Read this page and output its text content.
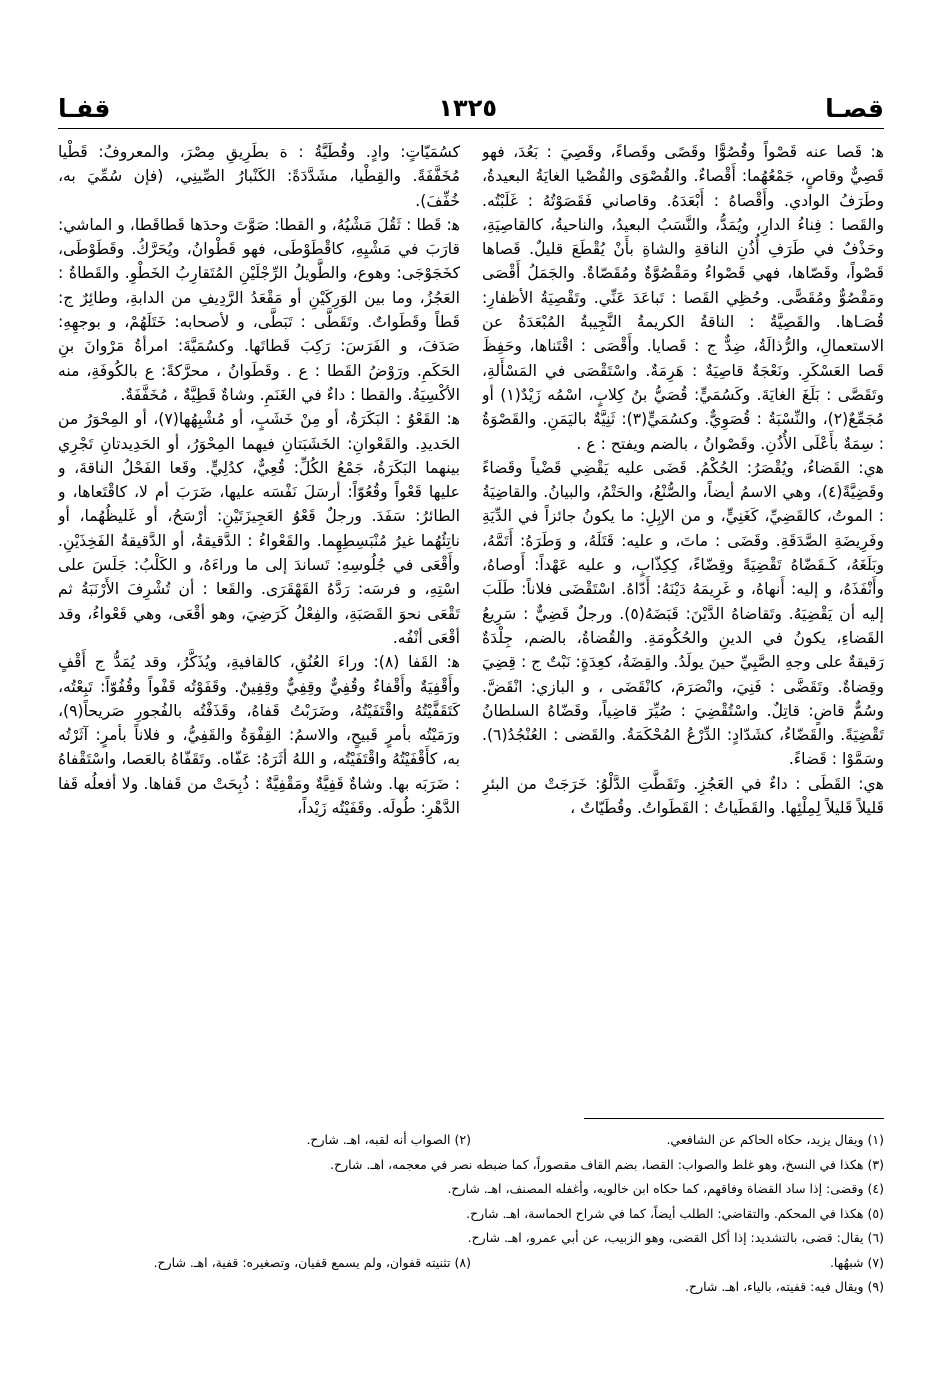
قصـا
١٣٢٥
قفـا

ﻫ: قَصا عنه قَصْواً وقُصُوًّا وقَصًى وقَصاءً، وقَصِيَ : بَعُدَ، فهو قَصِيٌّ وقاصٍ، جَمْعُهُما: أَقْصاءٌ. والقُصْوَى والقُصْيا الغايَةُ البعيدةُ، وطَرَفُ الوادي. وأَقْصاهُ : أَبْعَدَهُ. وقاصاني فَقَصَوْتُهُ : غَلَبْتُه. والقَصا : فِناءُ الدارِ، ويُمَدُّ، والنَّسَبُ البعيدُ، والناحيةُ، كالقاصِيَةِ، وحَذْفٌ في طَرَفِ أُذُنِ الناقةِ والشاةِ بأَنْ يُقْطَعَ قليلٌ. قَصاها قَصْواً، وقَصّاها، فهي قَصْواءُ ومَقْصُوَّةٌ ومُقَصّاةٌ. والجَمَلُ أَقْصَى ومَقْصُوٌّ ومُقَصًّى. وحُظِي القَصا : تَباعَدَ عَنِّي. وتَقْصِيَةُ الأظفارِ: قُصَـاها. والقَصِيَّةُ : الناقةُ الكريمةُ النَّجِيبةُ المُبْعَدَةُ عن الاستعمالِ، والرُّذالَةُ، ضِدٌّ ج : قَصايا. وأَقْصَى : اقْتَناها، وحَفِظَ قَصا العَسْكَرِ. ونَعْجَةٌ قاصِيَةٌ : هَرِمَةٌ. واسْتَقْصَى في المَسْأَلةِ، وتَقَصَّى : بَلَغَ الغايَةَ. وكَسُمَيٍّ: قُصَيُّ بنُ كِلابٍ، اسْمُه زَيْدٌ(١) أو مُجَمِّعٌ(٢)، والنِّسْبَةُ : قُصَوِيٌّ. وكسُمَيٍّ(٣): ثَنِيَّةٌ باليَمَنِ. والقَصْوَةُ : سِمَةٌ بأَعْلَى الأُذُنِ. وقَصْوانُ ، بالضم ويفتح : ع .

ﻫي: القَضاءُ، ويُقْصَرُ: الحُكْمُ. قَضَى عليه يَقْضِي قَضْياً وقَضاءً وقَضِيَّةً(٤)، وهي الاسمُ أيضاً، والصُّنْعُ، والحَتْمُ، والبيانُ. والقاضِيَةُ : الموتُ، كالقَضِيِّ، كَغَنِيٍّ، و من الإبِلِ: ما يكونُ جائزاً في الدِّيَةِ وفَرِيضَةِ الصَّدَقَةِ. وقَضَى : ماتَ، و عليه: قَتَلَهُ، و وَطَرَهُ: أَتَمَّهُ، وبَلَغَهُ، كَـقَضّاهُ تَقْضِيَةً وقِضّاءً، كِكِذّابٍ، و عليه عَهْداً: أَوصاهُ، وأَنْفَذَهُ، و إليه: أَنهاهُ، و غَرِيمَهُ دَيْنَهُ: أَدّاهُ. اسْتَقْضَى فلاناً: طَلَبَ إليه أن يَقْضِيَهُ. وتَقاضاهُ الدَّيْنَ: قَبَضَهُ(٥). ورجلٌ قَضِيٌّ : سَرِيعُ القَضاءِ، يكونُ في الدينِ والحُكُومَةِ. والقُضاةُ، بالضم، جِلْدَةٌ رَقيقةٌ على وجهِ الصَّبِيِّ حينَ يولَدُ. والقِضَةُ، كعِدَةٍ: نَبْتٌ ج : قِضِيَ وقِضاةٌ. وتَقَضَّى : فَنِيَ، وانْصَرَمَ، كانْقَضَى ، و البازي: انْقَضَّ. وسُمٌّ قاضٍ: قاتِلٌ. واسْتُقْضِيَ : صُيِّرَ قاضِياً، وقَضّاهُ السلطانُ تَقْضِيَةً. والقَضّاءُ، كشَدّادٍ: الدِّرْعُ المُحْكَمَةُ. والقَضى : العُنْجُدُ(٦). وسَمَّوْا : قَضاءً.

ﻫي: القَطَى : داءٌ في العَجُزِ. وتَقَطَّتِ الدَّلْوُ: خَرَجَتْ من البئرِ قَليلاً قَليلاً لِمِلْئِها. والقَطَياتُ : القَطَواتُ. وقُطَيّاتٌ ،

كسُمَيّاتٍ: وادٍ. وقُطَيَّةُ : ة بطَرِيقِ مِصْرَ، والمعروفُ: قَطْيا مُخَفَّفَةً. والقِطْيا، مشَدَّدَةً: الكَنْبارُ الصِّينِي، (فإن سُمِّيَ به، خُفِّفَ).

ﻫ: قَطا : ثَقُلَ مَشْيُهُ، و القطا: صَوَّتَ وحدَها قَطاقَطا، و الماشي: قارَبَ في مَشْيِهِ، كاقْطَوْطَى، فهو قَطْوانُ، ويُحَرَّكُ. وقَطَوْطَى، كخَجَوْجَى: وهوع، والطَّويلُ الرِّجْلَيْنِ المُتَقارِبُ الخَطْوِ. والقَطاةُ : العَجُزُ، وما بين الوَرِكَيْنِ أو مَقْعَدُ الرَّدِيفِ من الدابةِ، وطائِرٌ ج: قَطاً وقَطَواتٌ. وتَقَطَّى : تَبَطَّى، و لأصحابه: خَتَلَهُمْ، و بوجهِهِ: صَدَفَ، و الفَرَسَ: رَكِبَ قَطاتَها. وكسُمَيَّةَ: امرأةُ مَرْوانَ بنِ الحَكَمِ. ورَوْضُ القَطا : ع . وقَطَوانُ ، محرَّكةً: ع بالكُوفَةِ، منه الأكْسِيَةُ. والقطا : داءٌ في الغَنَمِ. وشاةٌ قَطِيَّةٌ ، مُخَفَّفَةٌ.

ﻫ: القَعْوُ : البَكَرَةُ، أو مِنْ خَشَبٍ، أو مُشْبِهُها(٧)، أو المِحْوَرُ من الحَديدِ. والقَعْوانِ: الخَشَبَتانِ فيهما المِحْوَرُ، أو الحَدِيدتانِ تَجْرِي بينهما البَكَرَةُ، جَمْعُ الكُلِّ: قُعِيٌّ، كدُلِيٍّ. وقَعا الفَحْلُ الناقةَ، و عليها قَعْواً وقُعُوّاً: أرسَلَ نَفْسَه عليها، ضَرَبَ أم لا، كاقْتَعاها، و الطائرُ: سَفَدَ. ورجلٌ قَعْوُ العَجِيزَتَيْنِ: أرْسَحُ، أو غَليظُهُما، أو ناتِئُهُما غيرُ مُنْبَسِطِهِما. والقَعْواءُ : الدَّقيقةُ، أو الدَّقيقةُ الفَخِذَيْنِ. وأَقْعَى في جُلُوسِهِ: تَساندَ إلى ما وراءَهُ، و الكَلْبُ: جَلَسَ على اسْتِهِ، و فرسَه: رَدَّهُ القَهْقَرَى. والقَعا : أن تُشْرِفَ الأَرْنَبَةُ ثم تَقْعَى نحوَ القَصَبَةِ، والفِعْلُ كَرَضِيَ، وهو أقْعَى، وهي قَعْواءُ، وقد أقْعَى أنْفُه.

ﻫ: القَفا (٨): وراءَ العُنُقِ، كالقافيةِ، ويُذَكَّرُ، وقد يُمَدُّ ج أَقْفٍ وأَقْفِيَةٌ وأَقْفاءٌ وقُفِيٌّ وقِفِيٌّ وقِفِينٌ. وقَفَوْتُه قَفْواً وقُفُوّاً: تَبِعْتُه، كَتَقَفَّيْتُهُ واقْتَفَيْتُهُ، وضَرَبْتُ قَفاهُ، وقَذَفْتُه بالفُجورِ صَريحاً(٩)، ورَمَيْتُه بأمرٍ قَبيحٍ، والاسمُ: القِفْوَةُ والقَفِيُّ، و فلاناً بأمرٍ: آثَرْتُه به، كأَقْفَيْتُهُ واقْتَفَيْتُه، و اللهُ أثَرَهُ: عَفّاه. وتَقَفّاهُ بالعَصا، واسْتَقْفاهُ : ضَرَبَه بها. وشاةٌ قَفِيَّةٌ ومَقْفِيَّةٌ : ذُبِحَتْ من قَفاها. ولا أفعلُه قَفا الدَّهْرِ: طُولَه. وقَفَيْتُه زَيْداً،

(١) ويقال يزيد، حكاه الحاكم عن الشافعي.
(٢) الصواب أنه لقبه، اهـ. شارح.
(٣) هكذا في النسخ، وهو غلط والصواب: القصا، بضم القاف مقصوراً، كما ضبطه نصر في معجمه، اهـ. شارح.
(٤) وقضى: إذا ساد القضاة وفاقهم، كما حكاه ابن خالويه، وأغفله المصنف، اهـ. شارح.
(٥) هكذا في المحكم. والتقاضي: الطلب أيضاً، كما في شراح الحماسة، اهـ. شارح.
(٦) يقال: قضى، بالتشديد: إذا أكل القضى، وهو الزبيب، عن أبي عمرو، اهـ. شارح.
(٧) شبهُها.
(٨) تثنيته قفوان، ولم يسمع قفيان، وتصغيره: قفية، اهـ. شارح.
(٩) ويقال فيه: قفيته، بالياء، اهـ. شارح.
